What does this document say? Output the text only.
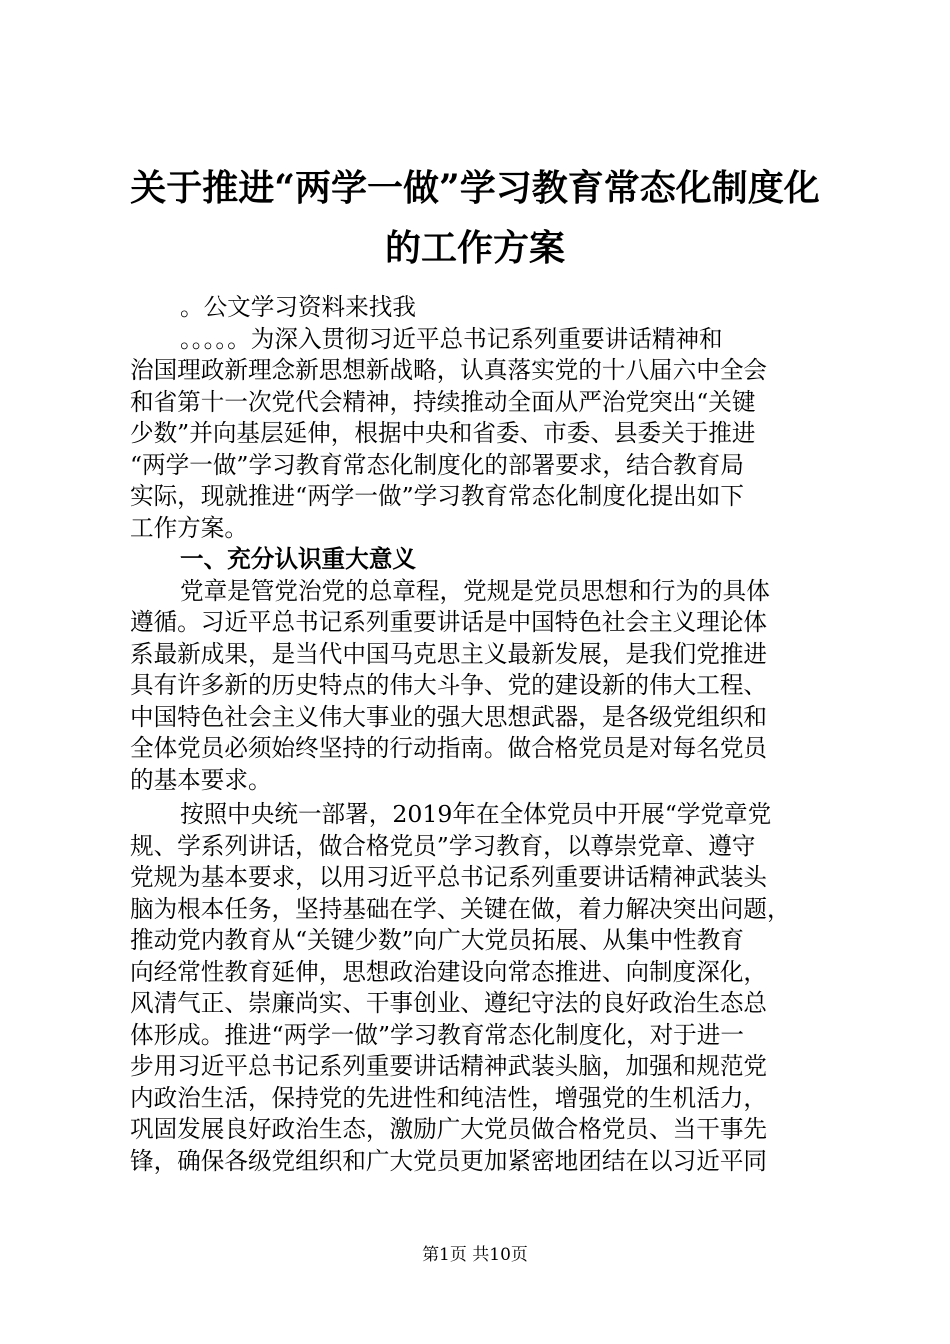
关于推进“两学一做”学习教育常态化制度化
的工作方案
。公文学习资料来找我
。。。。。为深入贯彻习近平总书记系列重要讲话精神和
治国理政新理念新思想新战略，认真落实党的十八届六中全会
和省第十一次党代会精神，持续推动全面从严治党突出“关键
少数”并向基层延伸，根据中央和省委、市委、县委关于推进
“两学一做”学习教育常态化制度化的部署要求，结合教育局
实际，现就推进“两学一做”学习教育常态化制度化提出如下
工作方案。
一、充分认识重大意义
党章是管党治党的总章程，党规是党员思想和行为的具体
遵循。习近平总书记系列重要讲话是中国特色社会主义理论体
系最新成果，是当代中国马克思主义最新发展，是我们党推进
具有许多新的历史特点的伟大斗争、党的建设新的伟大工程、
中国特色社会主义伟大事业的强大思想武器，是各级党组织和
全体党员必须始终坚持的行动指南。做合格党员是对每名党员
的基本要求。
按照中央统一部署，2019年在全体党员中开展“学党章党
规、学系列讲话，做合格党员”学习教育，以尊崇党章、遵守
党规为基本要求，以用习近平总书记系列重要讲话精神武装头
脑为根本任务，坚持基础在学、关键在做，着力解决突出问题，
推动党内教育从“关键少数”向广大党员拓展、从集中性教育
向经常性教育延伸，思想政治建设向常态推进、向制度深化，
风清气正、崇廉尚实、干事创业、遵纪守法的良好政治生态总
体形成。推进“两学一做”学习教育常态化制度化，对于进一
步用习近平总书记系列重要讲话精神武装头脑，加强和规范党
内政治生活，保持党的先进性和纯洁性，增强党的生机活力，
巩固发展良好政治生态，激励广大党员做合格党员、当干事先
锋，确保各级党组织和广大党员更加紧密地团结在以习近平同
第1页 共10页
